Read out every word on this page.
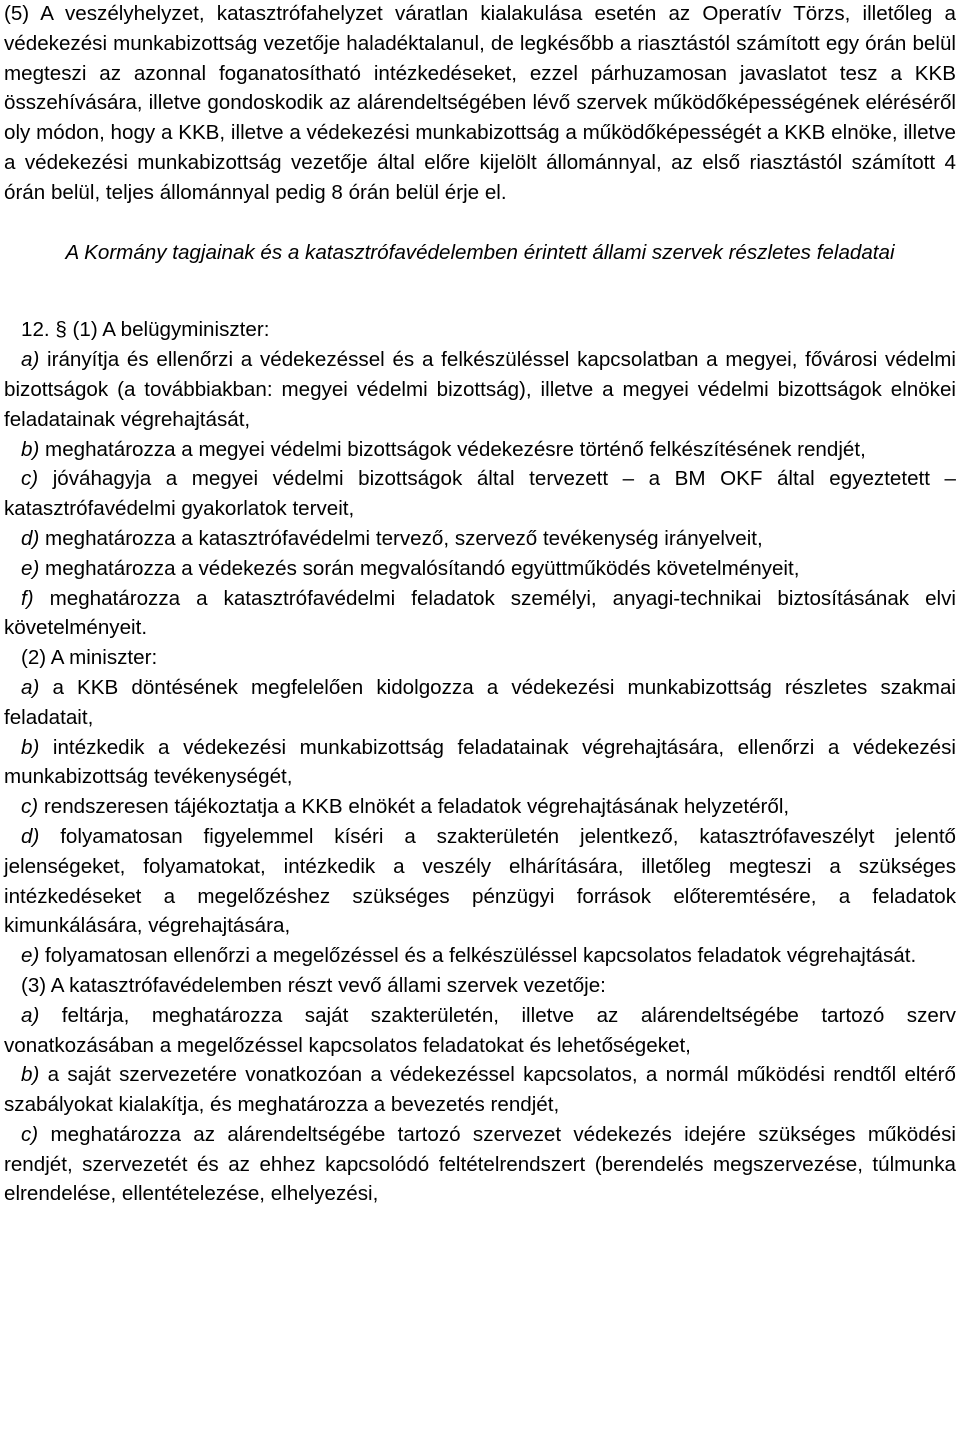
(5) A veszélyhelyzet, katasztrófahelyzet váratlan kialakulása esetén az Operatív Törzs, illetőleg a védekezési munkabizottság vezetője haladéktalanul, de legkésőbb a riasztástól számított egy órán belül megteszi az azonnal foganatosítható intézkedéseket, ezzel párhuzamosan javaslatot tesz a KKB összehívására, illetve gondoskodik az alárendeltségében lévő szervek működőképességének eléréséről oly módon, hogy a KKB, illetve a védekezési munkabizottság a működőképességét a KKB elnöke, illetve a védekezési munkabizottság vezetője által előre kijelölt állománnyal, az első riasztástól számított 4 órán belül, teljes állománnyal pedig 8 órán belül érje el.

A Kormány tagjainak és a katasztrófavédelemben érintett állami szervek részletes feladatai

12. § (1) A belügyminiszter:

a) irányítja és ellenőrzi a védekezéssel és a felkészüléssel kapcsolatban a megyei, fővárosi védelmi bizottságok (a továbbiakban: megyei védelmi bizottság), illetve a megyei védelmi bizottságok elnökei feladatainak végrehajtását,

b) meghatározza a megyei védelmi bizottságok védekezésre történő felkészítésének rendjét,

c) jóváhagyja a megyei védelmi bizottságok által tervezett – a BM OKF által egyeztetett – katasztrófavédelmi gyakorlatok terveit,

d) meghatározza a katasztrófavédelmi tervező, szervező tevékenység irányelveit,

e) meghatározza a védekezés során megvalósítandó együttműködés követelményeit,

f) meghatározza a katasztrófavédelmi feladatok személyi, anyagi-technikai biztosításának elvi követelményeit.

(2) A miniszter:

a) a KKB döntésének megfelelően kidolgozza a védekezési munkabizottság részletes szakmai feladatait,

b) intézkedik a védekezési munkabizottság feladatainak végrehajtására, ellenőrzi a védekezési munkabizottság tevékenységét,

c) rendszeresen tájékoztatja a KKB elnökét a feladatok végrehajtásának helyzetéről,

d) folyamatosan figyelemmel kíséri a szakterületén jelentkező, katasztrófaveszélyt jelentő jelenségeket, folyamatokat, intézkedik a veszély elhárítására, illetőleg megteszi a szükséges intézkedéseket a megelőzéshez szükséges pénzügyi források előteremtésére, a feladatok kimunkálására, végrehajtására,

e) folyamatosan ellenőrzi a megelőzéssel és a felkészüléssel kapcsolatos feladatok végrehajtását.

(3) A katasztrófavédelemben részt vevő állami szervek vezetője:

a) feltárja, meghatározza saját szakterületén, illetve az alárendeltségébe tartozó szerv vonatkozásában a megelőzéssel kapcsolatos feladatokat és lehetőségeket,

b) a saját szervezetére vonatkozóan a védekezéssel kapcsolatos, a normál működési rendtől eltérő szabályokat kialakítja, és meghatározza a bevezetés rendjét,

c) meghatározza az alárendeltségébe tartozó szervezet védekezés idejére szükséges működési rendjét, szervezetét és az ehhez kapcsolódó feltételrendszert (berendelés megszervezése, túlmunka elrendelése, ellentételezése, elhelyezési,
